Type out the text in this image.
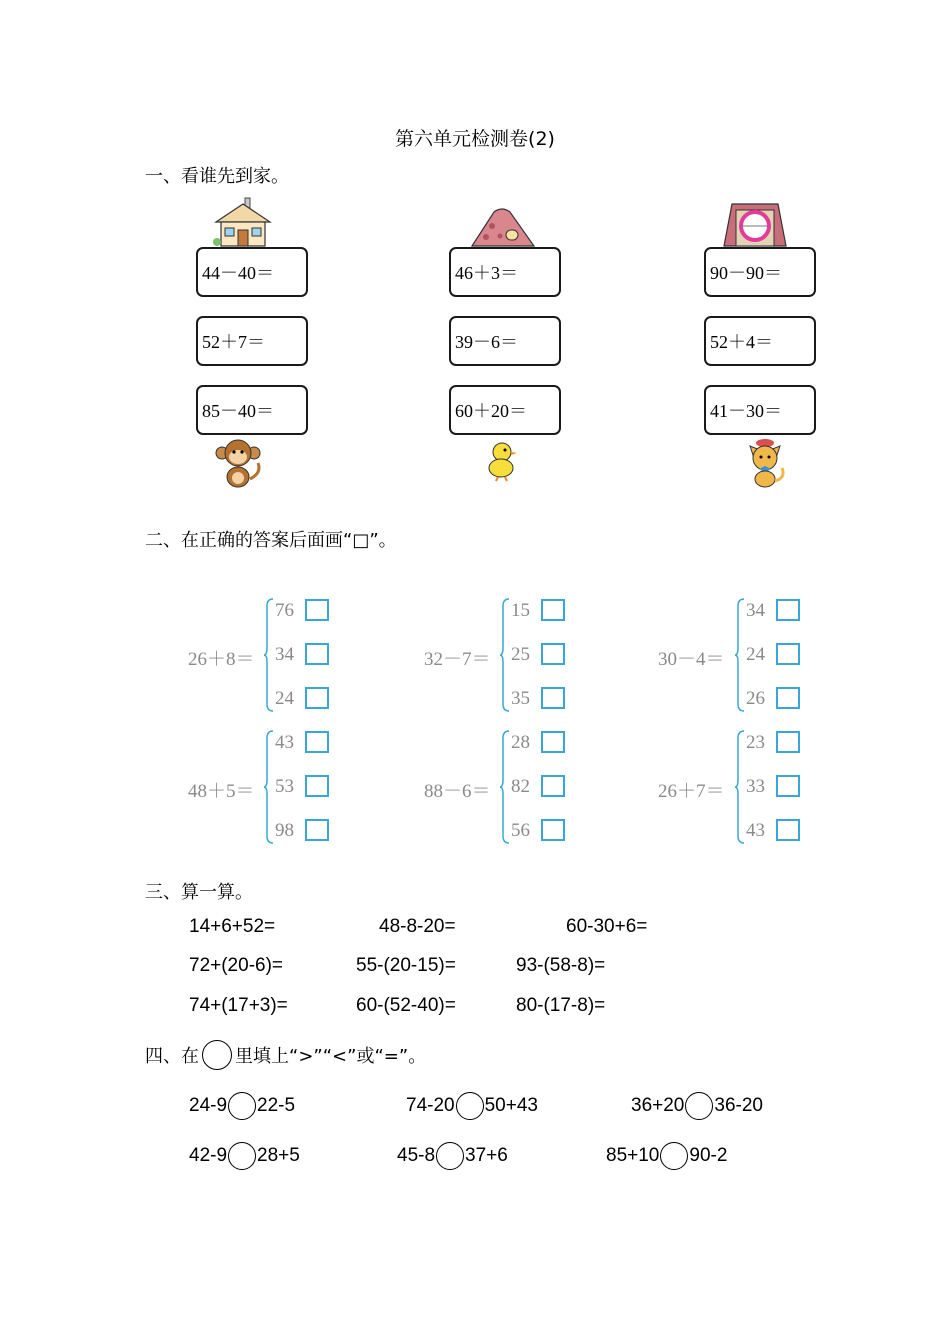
第六单元检测卷(2)
一、看谁先到家。
44－40＝
52＋7＝
85－40＝
46＋3＝
39－6＝
60＋20＝
90－90＝
52＋4＝
41－30＝
二、在正确的答案后面画“□”。
26＋8＝
76
34
24
32－7＝
15
25
35
30－4＝
34
24
26
48＋5＝
43
53
98
88－6＝
28
82
56
26＋7＝
23
33
43
三、算一算。
14+6+52=	48-8-20=	60-30+6=
72+(20-6)=	55-(20-15)=	93-(58-8)=
74+(17+3)=	60-(52-40)=	80-(17-8)=
四、在 里填上“>”“<”或“=”。
24-9 22-5	74-20 50+43	36+20 36-20
42-9 28+5	45-8 37+6	85+10 90-2
